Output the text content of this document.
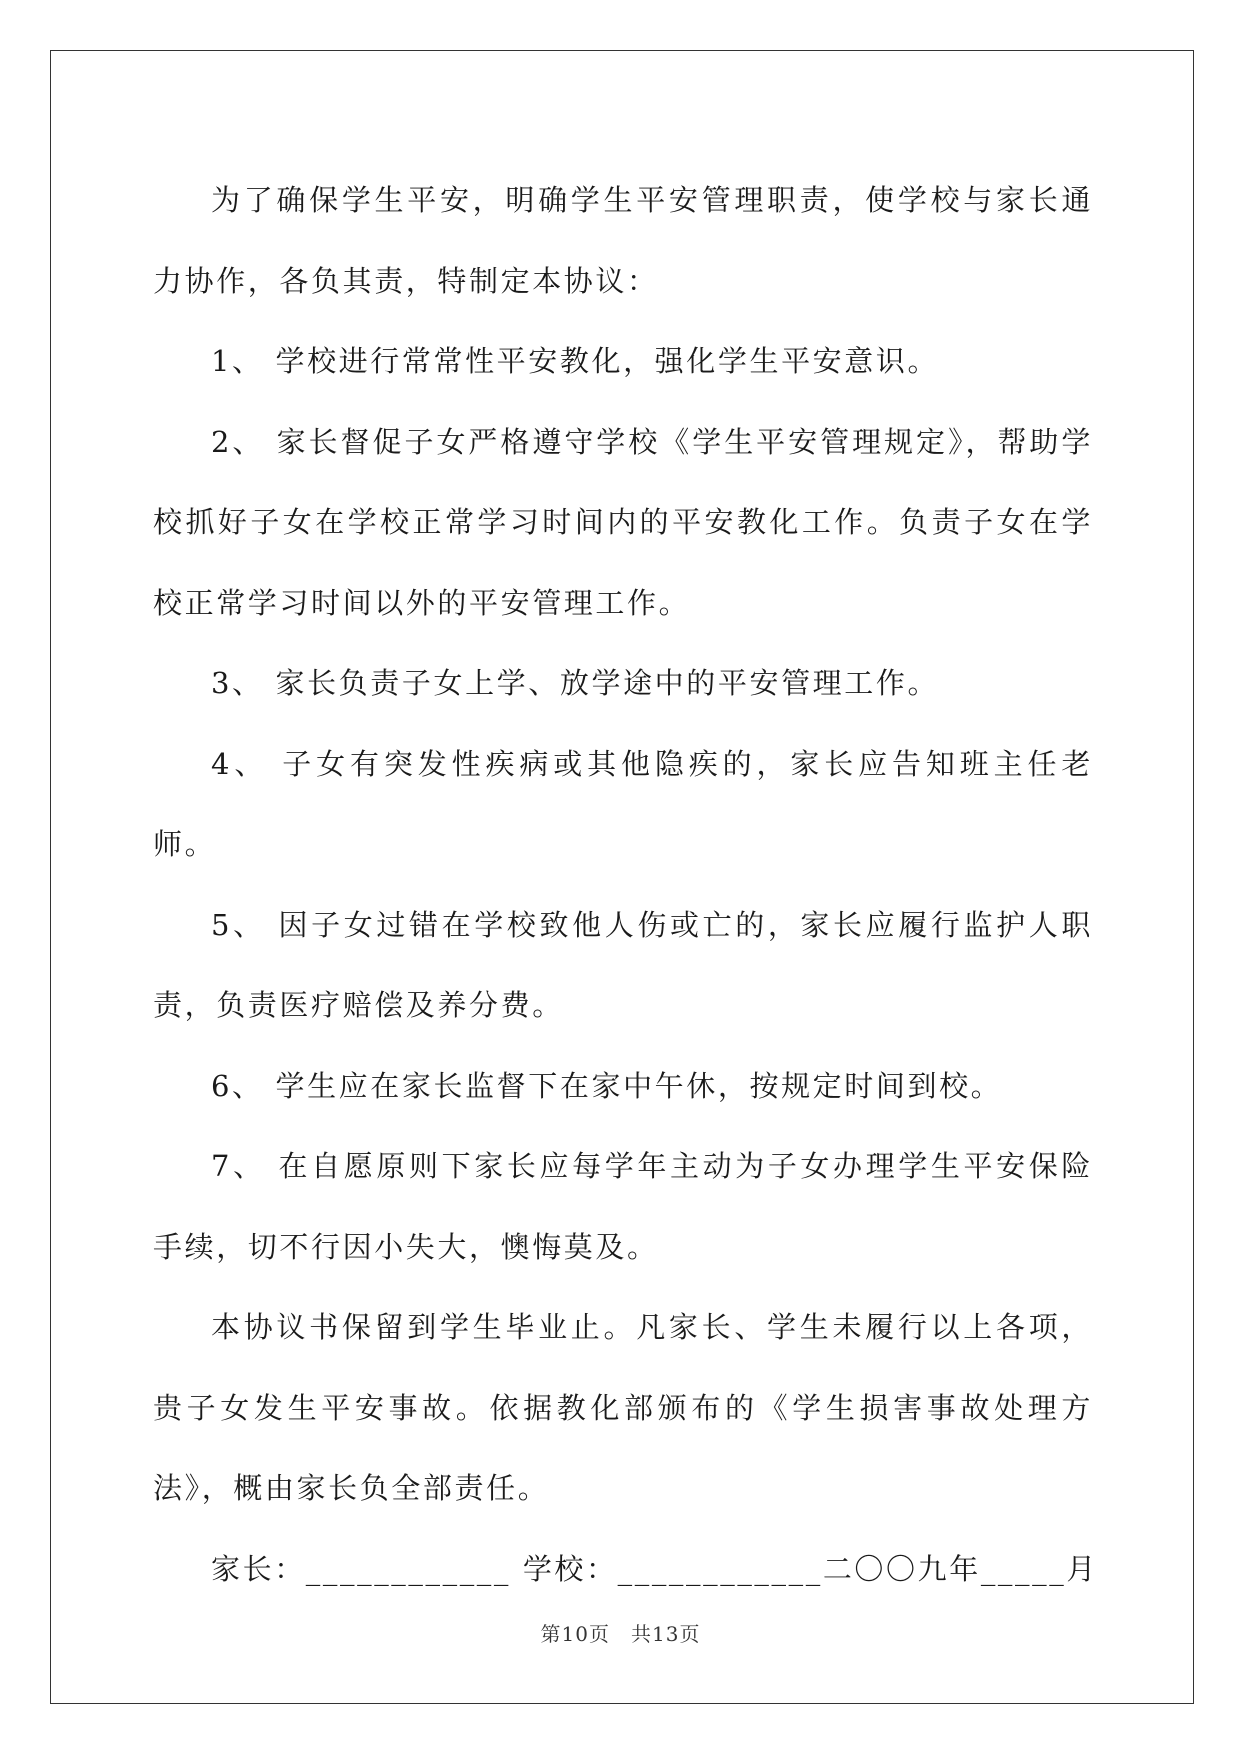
为了确保学生平安，明确学生平安管理职责，使学校与家长通力协作，各负其责，特制定本协议：

1、 学校进行常常性平安教化，强化学生平安意识。

2、 家长督促子女严格遵守学校《学生平安管理规定》，帮助学校抓好子女在学校正常学习时间内的平安教化工作。负责子女在学校正常学习时间以外的平安管理工作。

3、 家长负责子女上学、放学途中的平安管理工作。

4、 子女有突发性疾病或其他隐疾的，家长应告知班主任老师。

5、 因子女过错在学校致他人伤或亡的，家长应履行监护人职责，负责医疗赔偿及养分费。

6、 学生应在家长监督下在家中午休，按规定时间到校。

7、 在自愿原则下家长应每学年主动为子女办理学生平安保险手续，切不行因小失大，懊悔莫及。

本协议书保留到学生毕业止。凡家长、学生未履行以上各项，贵子女发生平安事故。依据教化部颁布的《学生损害事故处理方法》，概由家长负全部责任。

家长：____________ 学校：____________二〇〇九年_____月

第10页　共13页
